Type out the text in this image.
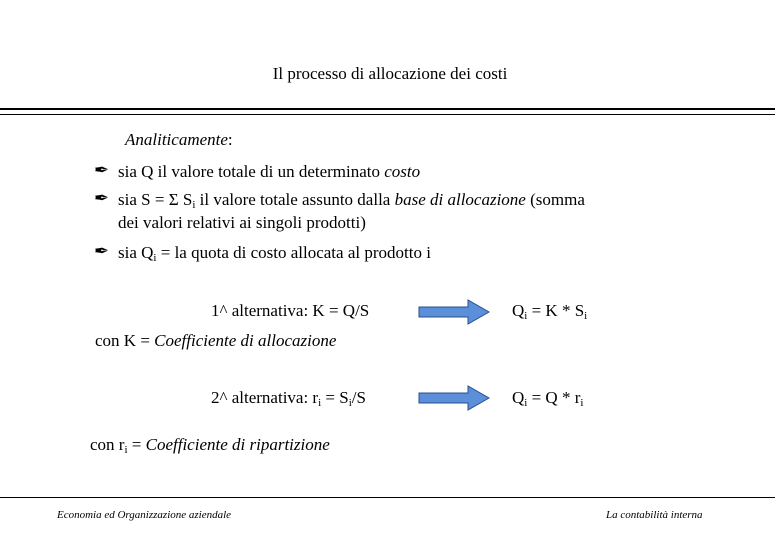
Il processo di allocazione dei costi
Analiticamente:
✒ sia Q il valore totale di un determinato costo
✒ sia S = Σ $S_i$ il valore totale assunto dalla base di allocazione (somma
dei valori relativi ai singoli prodotti)
✒ sia $Q_i$ = la quota di costo allocata al prodotto i
1^ alternativa: K = Q/S	$Q_i = K * S_i$
con K = Coefficiente di allocazione
2^ alternativa: $r_i = S_i/S$	$Q_i = Q * r_i$
con $r_i$ = Coefficiente di ripartizione
Economia ed Organizzazione aziendale	La contabilità interna
